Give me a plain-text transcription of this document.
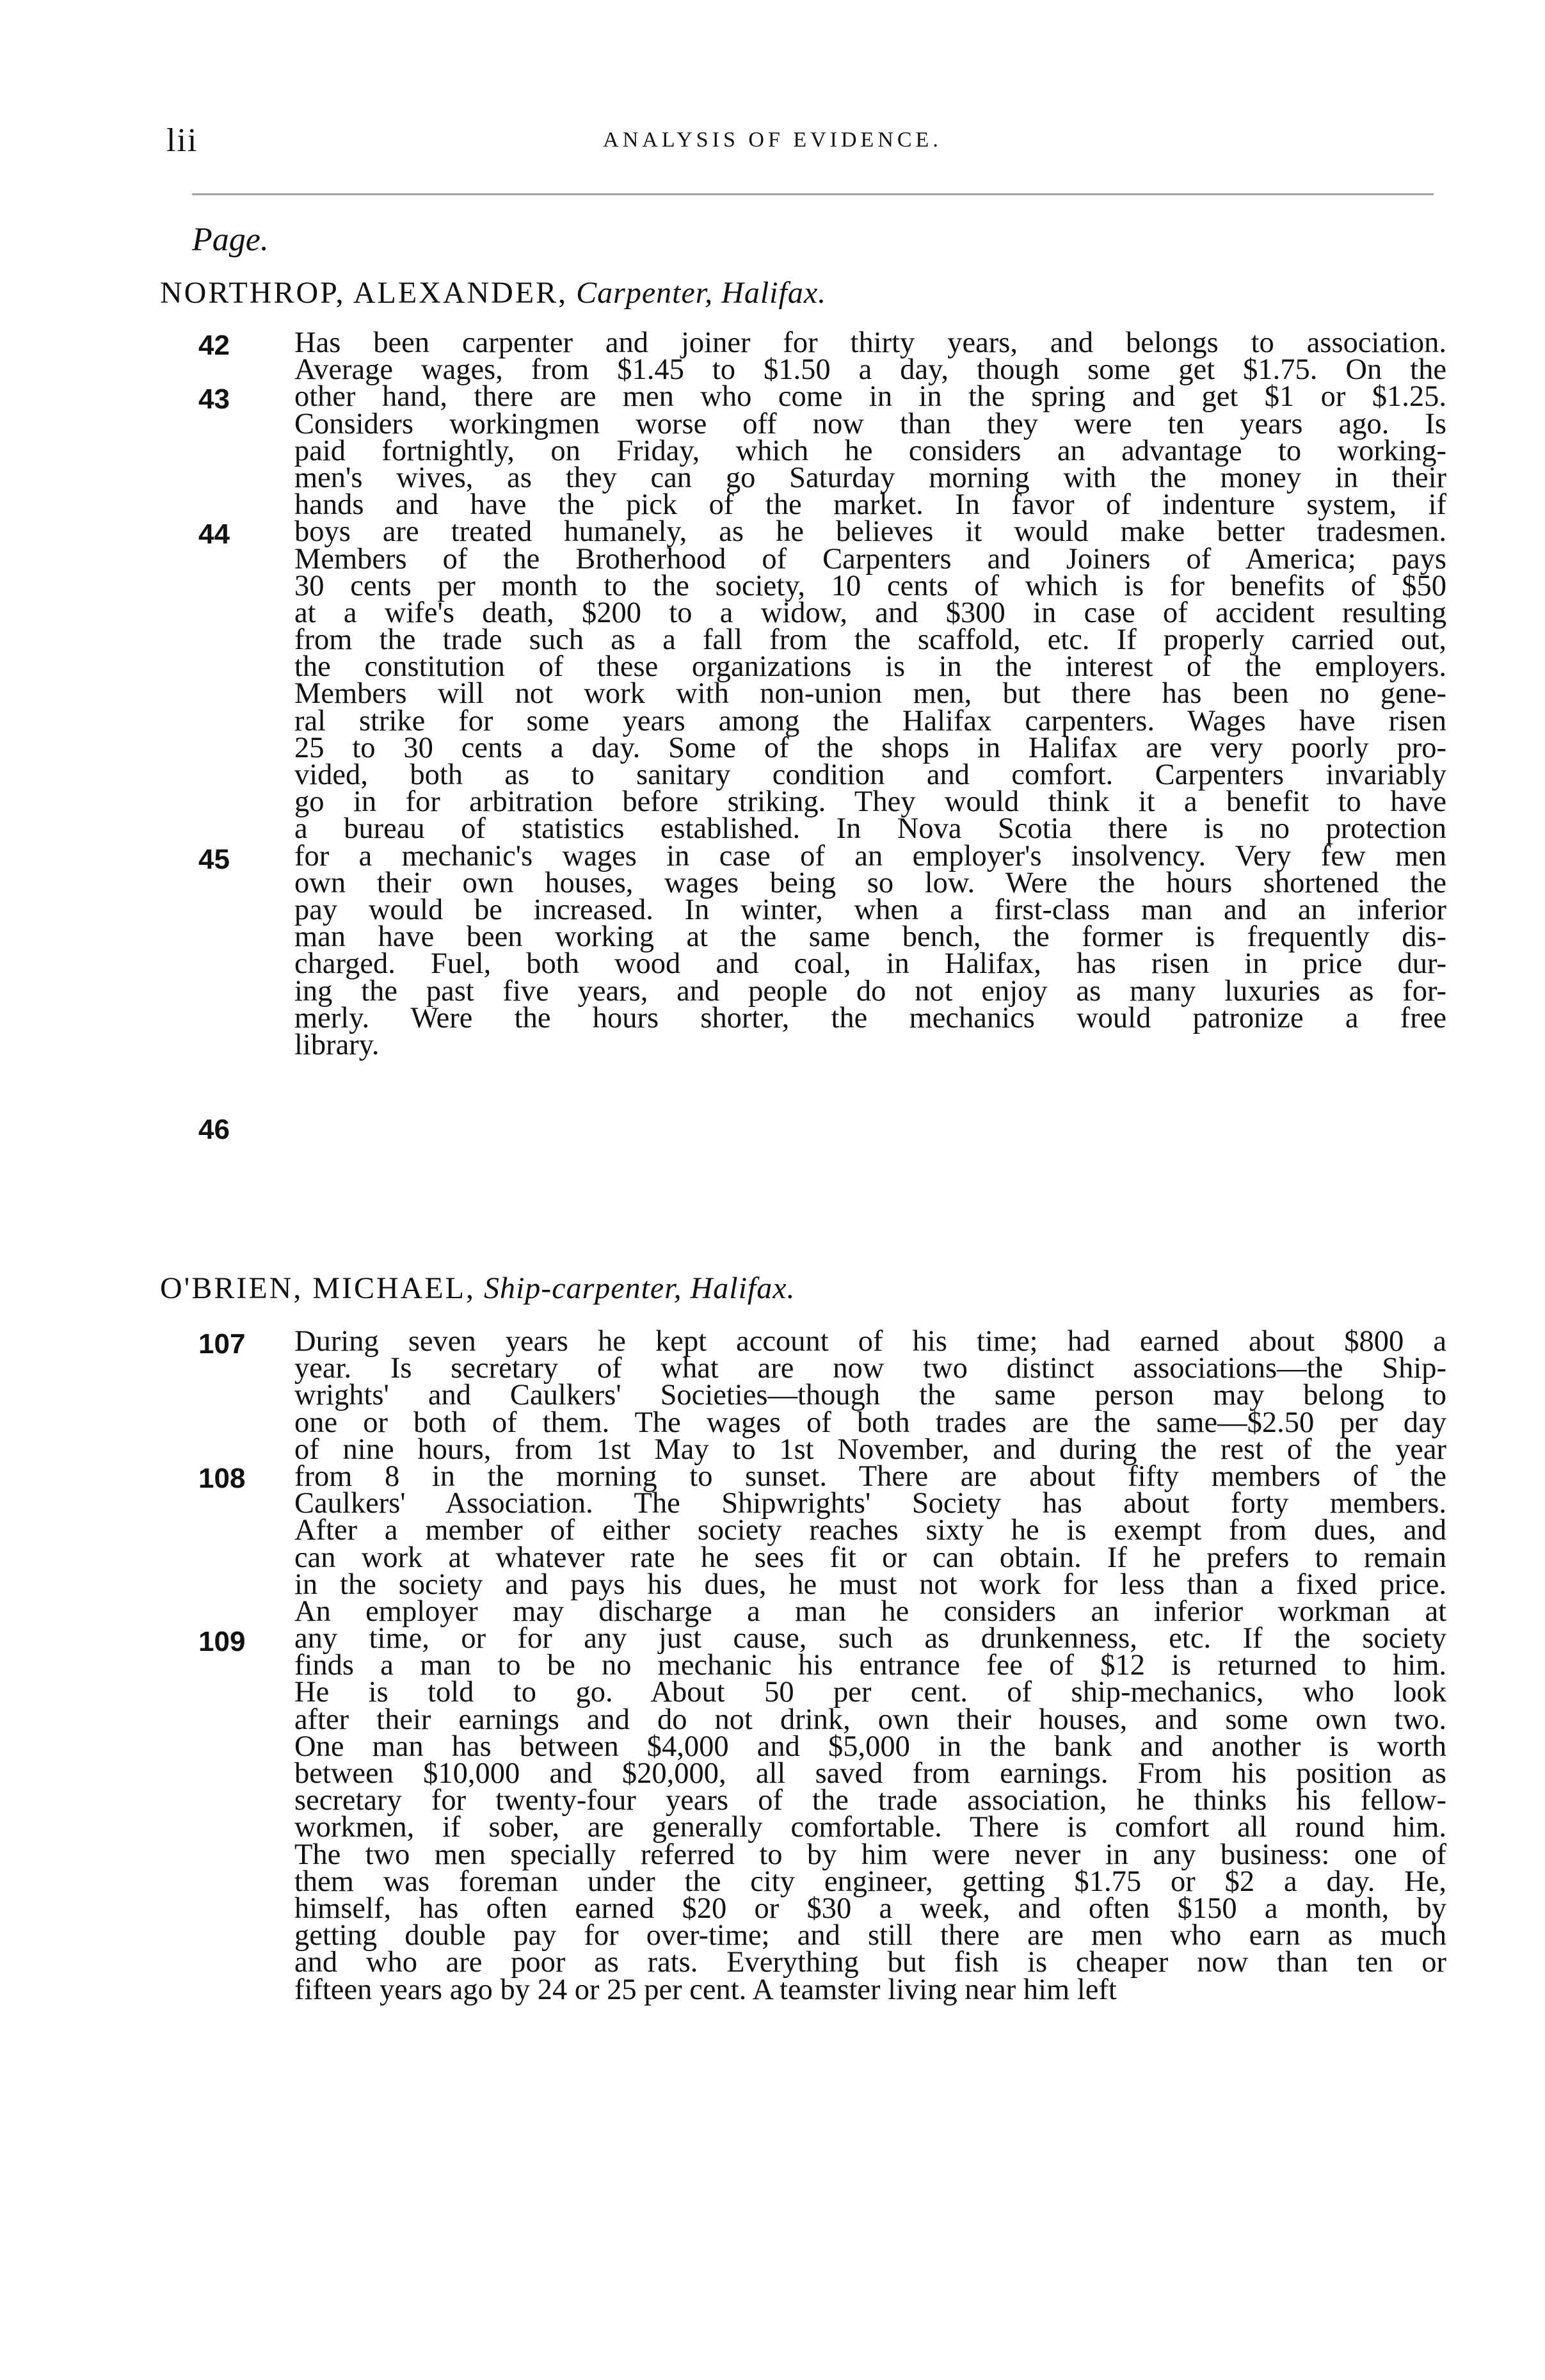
lii	ANALYSIS OF EVIDENCE.
Page.
NORTHROP, ALEXANDER, Carpenter, Halifax.
42
43
44
45
46
Has been carpenter and joiner for thirty years, and belongs to association.
Average wages, from $1.45 to $1.50 a day, though some get $1.75. On the
other hand, there are men who come in in the spring and get $1 or $1.25.
Considers workingmen worse off now than they were ten years ago. Is
paid fortnightly, on Friday, which he considers an advantage to working-
men's wives, as they can go Saturday morning with the money in their
hands and have the pick of the market. In favor of indenture system, if
boys are treated humanely, as he believes it would make better tradesmen.
Members of the Brotherhood of Carpenters and Joiners of America; pays
30 cents per month to the society, 10 cents of which is for benefits of $50
at a wife's death, $200 to a widow, and $300 in case of accident resulting
from the trade such as a fall from the scaffold, etc. If properly carried out,
the constitution of these organizations is in the interest of the employers.
Members will not work with non-union men, but there has been no gene-
ral strike for some years among the Halifax carpenters. Wages have risen
25 to 30 cents a day. Some of the shops in Halifax are very poorly pro-
vided, both as to sanitary condition and comfort. Carpenters invariably
go in for arbitration before striking. They would think it a benefit to have
a bureau of statistics established. In Nova Scotia there is no protection
for a mechanic's wages in case of an employer's insolvency. Very few men
own their own houses, wages being so low. Were the hours shortened the
pay would be increased. In winter, when a first-class man and an inferior
man have been working at the same bench, the former is frequently dis-
charged. Fuel, both wood and coal, in Halifax, has risen in price dur-
ing the past five years, and people do not enjoy as many luxuries as for-
merly. Were the hours shorter, the mechanics would patronize a free
library.
O'BRIEN, MICHAEL, Ship-carpenter, Halifax.
107
108
109
During seven years he kept account of his time; had earned about $800 a
year. Is secretary of what are now two distinct associations—the Ship-
wrights' and Caulkers' Societies—though the same person may belong to
one or both of them. The wages of both trades are the same—$2.50 per day
of nine hours, from 1st May to 1st November, and during the rest of the year
from 8 in the morning to sunset. There are about fifty members of the
Caulkers' Association. The Shipwrights' Society has about forty members.
After a member of either society reaches sixty he is exempt from dues, and
can work at whatever rate he sees fit or can obtain. If he prefers to remain
in the society and pays his dues, he must not work for less than a fixed price.
An employer may discharge a man he considers an inferior workman at
any time, or for any just cause, such as drunkenness, etc. If the society
finds a man to be no mechanic his entrance fee of $12 is returned to him.
He is told to go. About 50 per cent. of ship-mechanics, who look
after their earnings and do not drink, own their houses, and some own two.
One man has between $4,000 and $5,000 in the bank and another is worth
between $10,000 and $20,000, all saved from earnings. From his position as
secretary for twenty-four years of the trade association, he thinks his fellow-
workmen, if sober, are generally comfortable. There is comfort all round him.
The two men specially referred to by him were never in any business: one of
them was foreman under the city engineer, getting $1.75 or $2 a day. He,
himself, has often earned $20 or $30 a week, and often $150 a month, by
getting double pay for over-time; and still there are men who earn as much
and who are poor as rats. Everything but fish is cheaper now than ten or
fifteen years ago by 24 or 25 per cent. A teamster living near him left
